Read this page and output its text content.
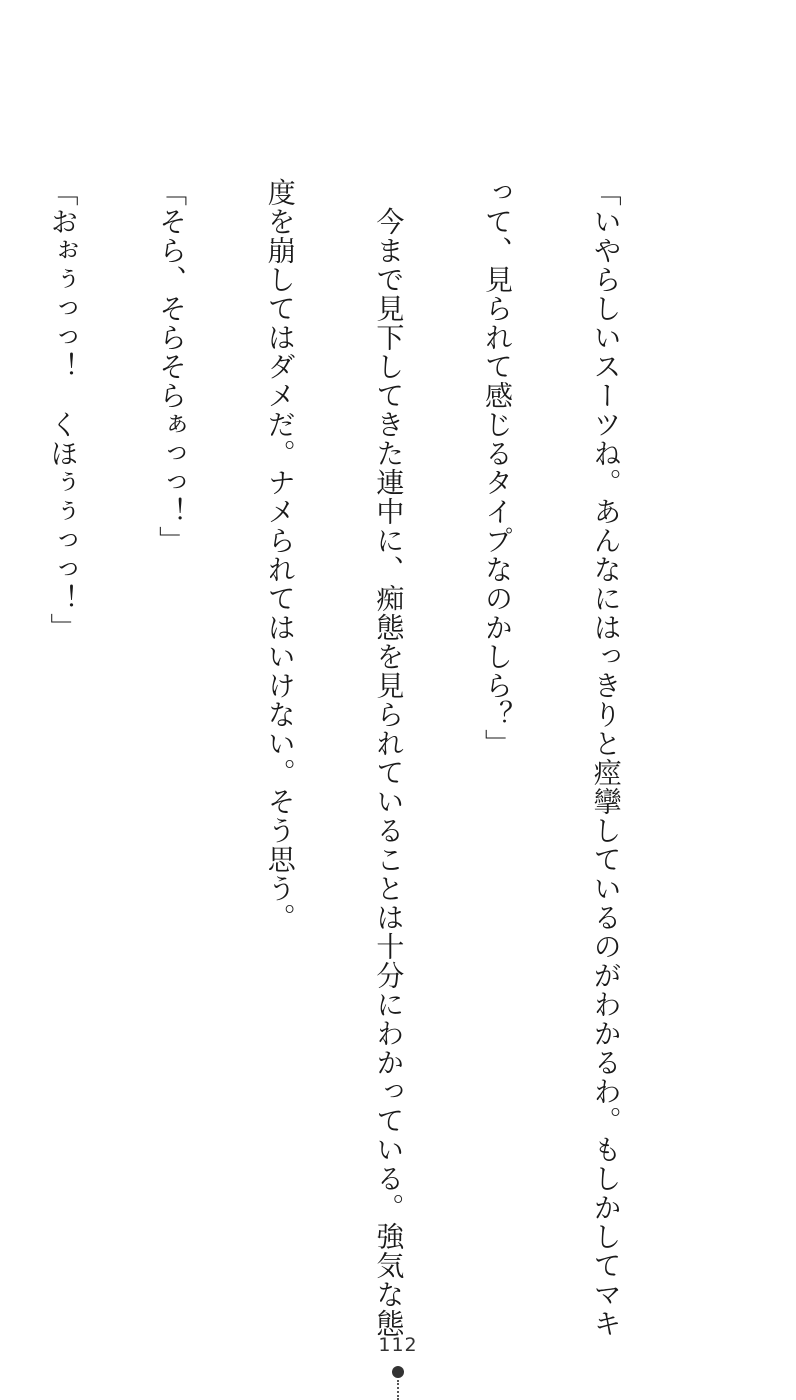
「いやらしいスーツね。あんなにはっきりと痙攣しているのがわかるわ。もしかしてマキ

って、見られて感じるタイプなのかしら？」

　今まで見下してきた連中に、痴態を見られていることは十分にわかっている。強気な態

度を崩してはダメだ。ナメられてはいけない。そう思う。

「そら、そらそらぁっっ！」

「おぉぅっっ！　くほぅぅっっ！」

112
